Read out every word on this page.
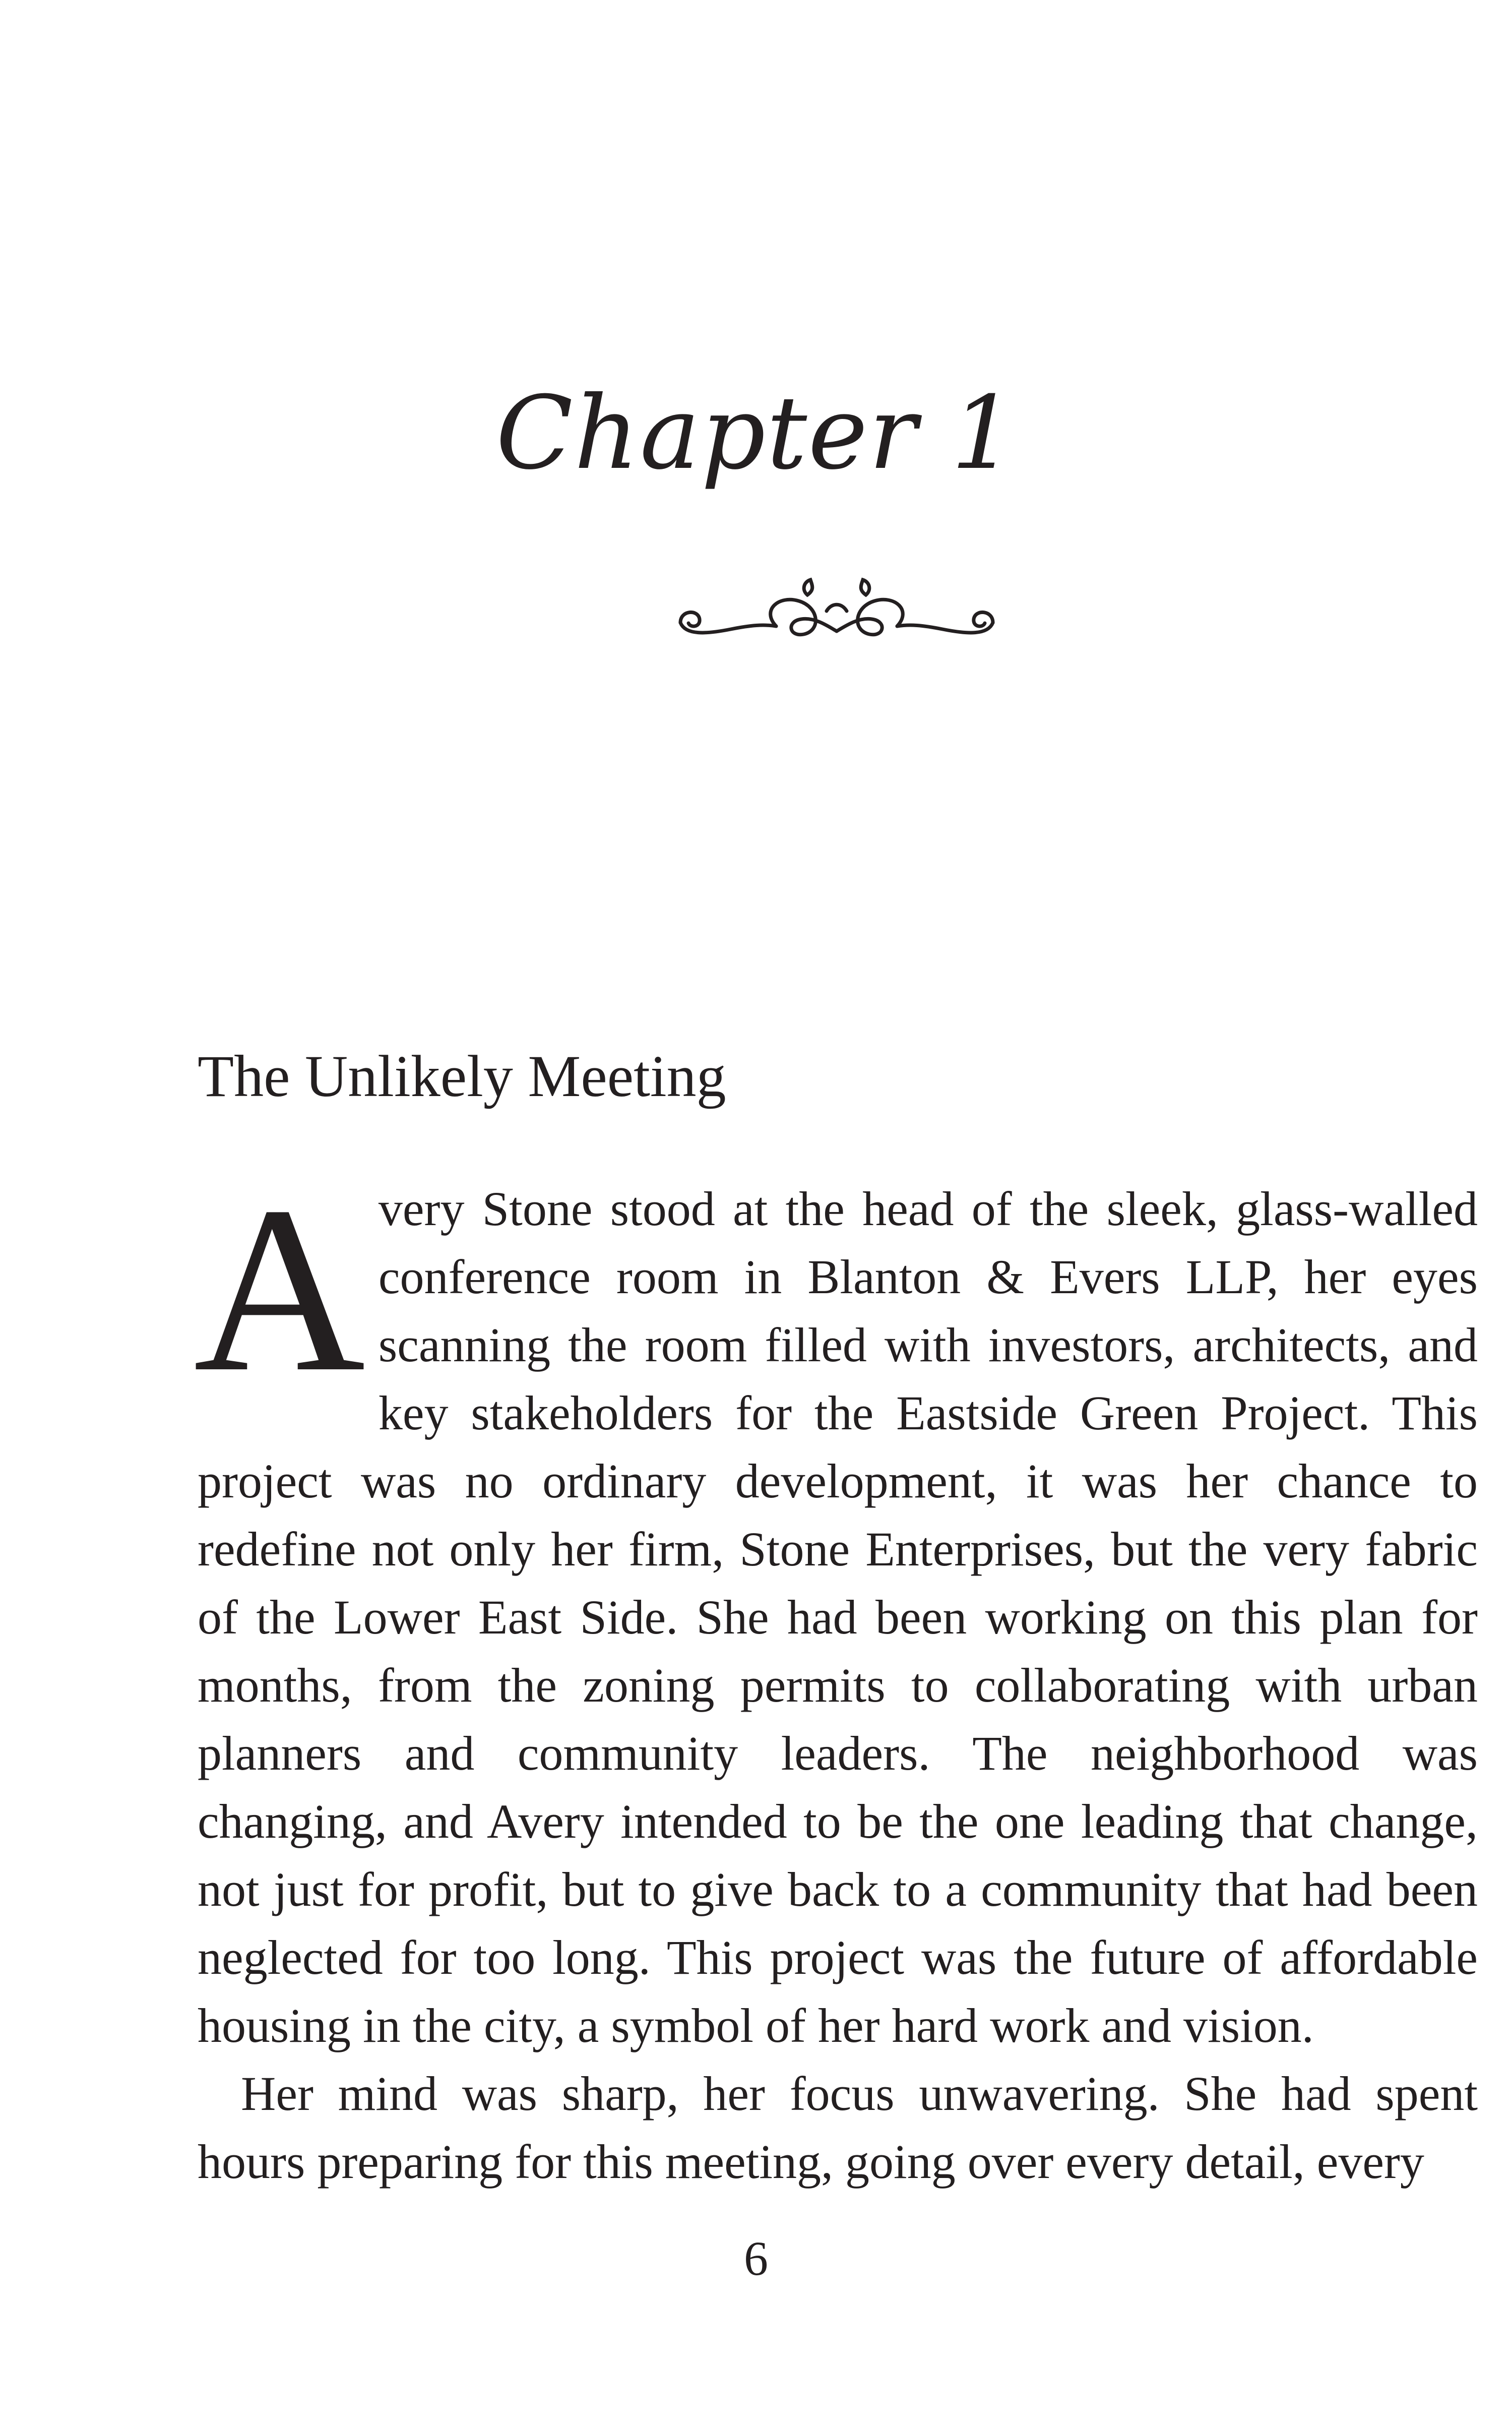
Chapter 1
The Unlikely Meeting

Avery Stone stood at the head of the sleek, glass-walled conference room in Blanton & Evers LLP, her eyes scanning the room filled with investors, architects, and key stakeholders for the Eastside Green Project. This project was no ordinary development, it was her chance to redefine not only her firm, Stone Enterprises, but the very fabric of the Lower East Side. She had been working on this plan for months, from the zoning permits to collaborating with urban planners and community leaders. The neighborhood was changing, and Avery intended to be the one leading that change, not just for profit, but to give back to a community that had been neglected for too long. This project was the future of affordable housing in the city, a symbol of her hard work and vision.

Her mind was sharp, her focus unwavering. She had spent hours preparing for this meeting, going over every detail, every

6
